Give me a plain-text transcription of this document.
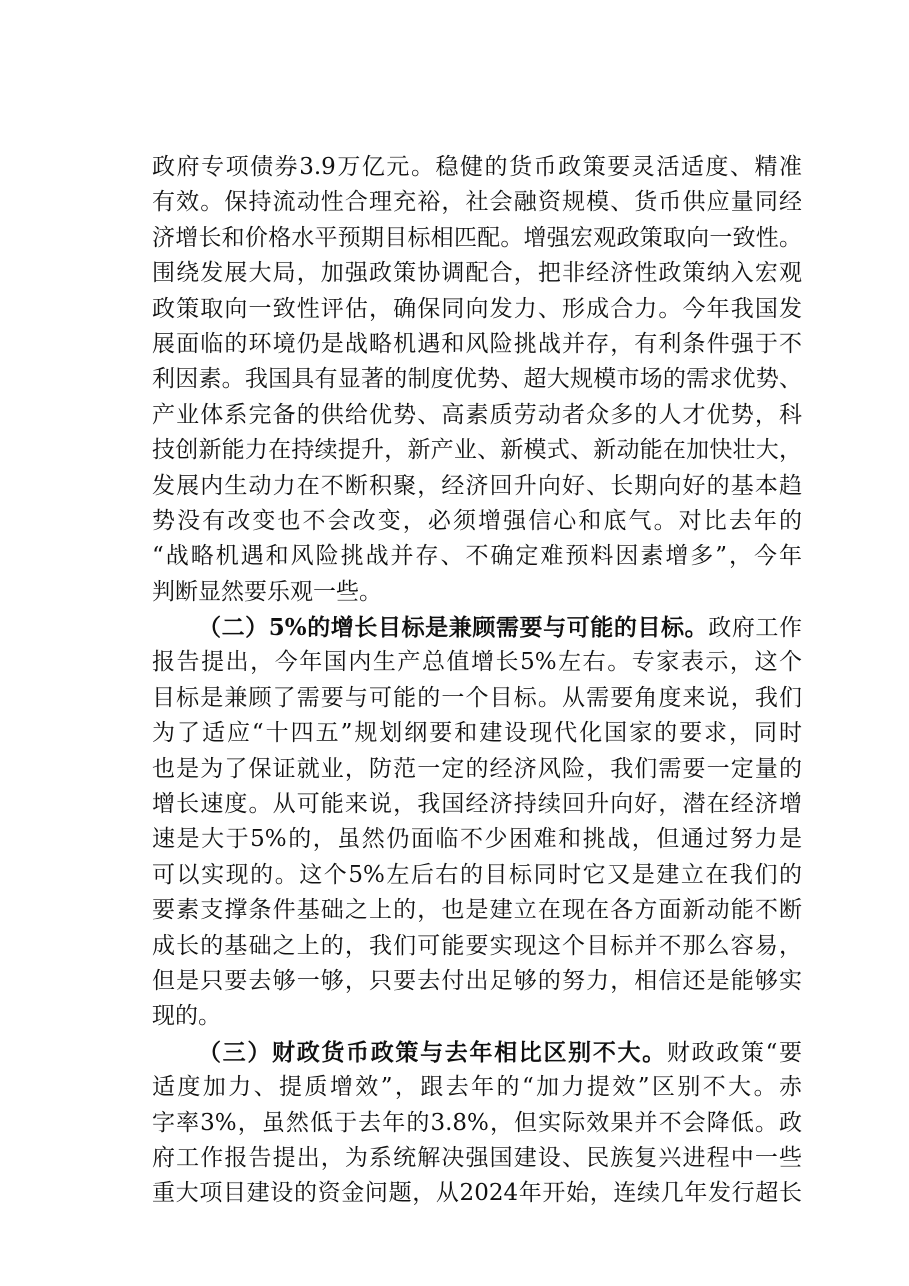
政府专项债券3.9万亿元。稳健的货币政策要灵活适度、精准
有效。保持流动性合理充裕，社会融资规模、货币供应量同经
济增长和价格水平预期目标相匹配。增强宏观政策取向一致性。
围绕发展大局，加强政策协调配合，把非经济性政策纳入宏观
政策取向一致性评估，确保同向发力、形成合力。今年我国发
展面临的环境仍是战略机遇和风险挑战并存，有利条件强于不
利因素。我国具有显著的制度优势、超大规模市场的需求优势、
产业体系完备的供给优势、高素质劳动者众多的人才优势，科
技创新能力在持续提升，新产业、新模式、新动能在加快壮大，
发展内生动力在不断积聚，经济回升向好、长期向好的基本趋
势没有改变也不会改变，必须增强信心和底气。对比去年的
“战略机遇和风险挑战并存、不确定难预料因素增多”，今年
判断显然要乐观一些。
（二）5%的增长目标是兼顾需要与可能的目标。政府工作
报告提出，今年国内生产总值增长5%左右。专家表示，这个
目标是兼顾了需要与可能的一个目标。从需要角度来说，我们
为了适应“十四五”规划纲要和建设现代化国家的要求，同时
也是为了保证就业，防范一定的经济风险，我们需要一定量的
增长速度。从可能来说，我国经济持续回升向好，潜在经济增
速是大于5%的，虽然仍面临不少困难和挑战，但通过努力是
可以实现的。这个5%左后右的目标同时它又是建立在我们的
要素支撑条件基础之上的，也是建立在现在各方面新动能不断
成长的基础之上的，我们可能要实现这个目标并不那么容易，
但是只要去够一够，只要去付出足够的努力，相信还是能够实
现的。
（三）财政货币政策与去年相比区别不大。财政政策“要
适度加力、提质增效”，跟去年的“加力提效”区别不大。赤
字率3%，虽然低于去年的3.8%，但实际效果并不会降低。政
府工作报告提出，为系统解决强国建设、民族复兴进程中一些
重大项目建设的资金问题，从2024年开始，连续几年发行超长
